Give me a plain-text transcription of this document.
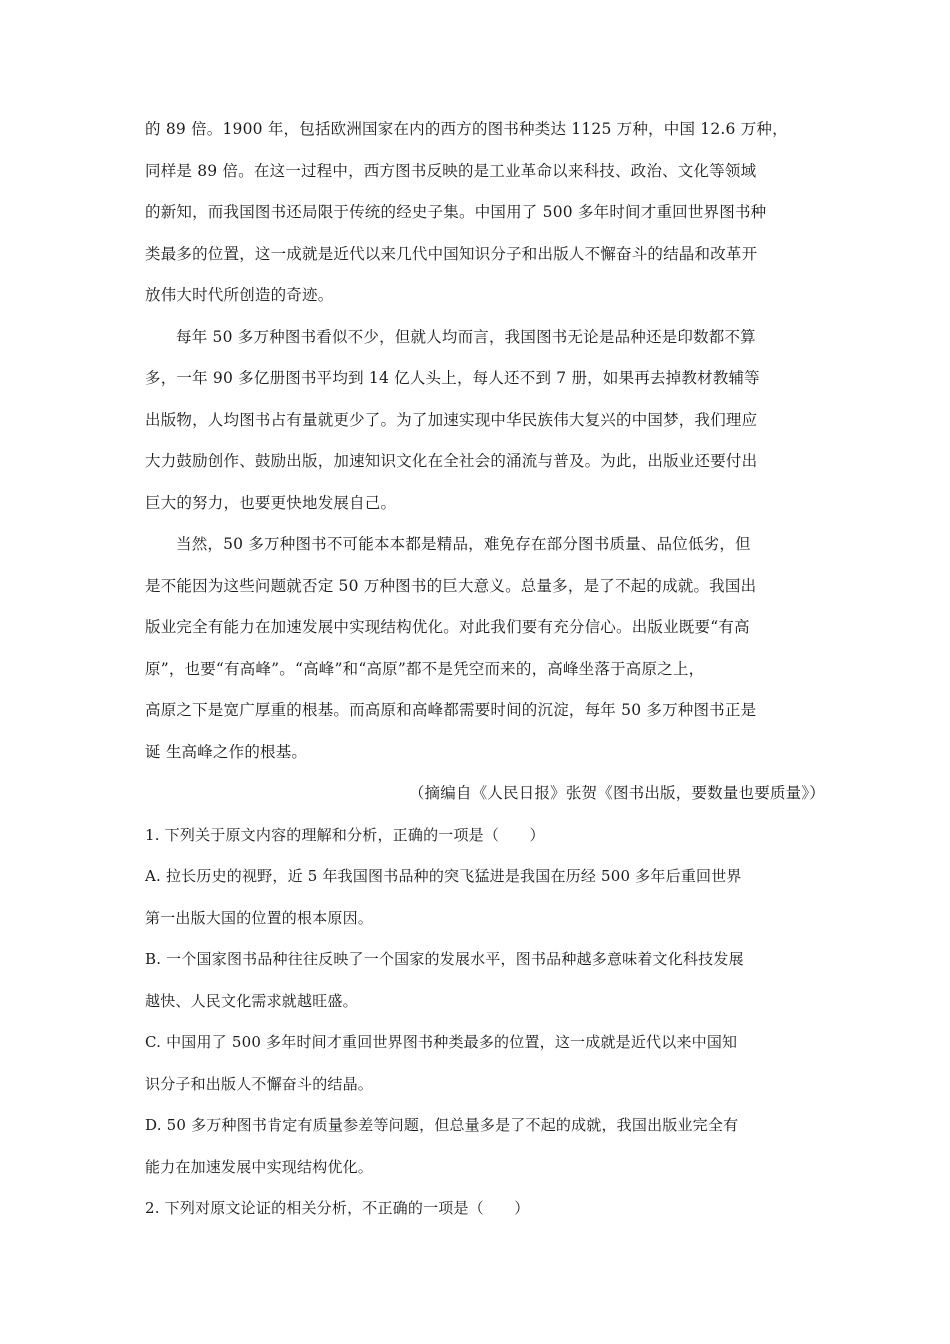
的 89 倍。1900 年，包括欧洲国家在内的西方的图书种类达 1125 万种，中国 12.6 万种，
同样是 89 倍。在这一过程中，西方图书反映的是工业革命以来科技、政治、文化等领域
的新知，而我国图书还局限于传统的经史子集。中国用了 500 多年时间才重回世界图书种
类最多的位置，这一成就是近代以来几代中国知识分子和出版人不懈奋斗的结晶和改革开
放伟大时代所创造的奇迹。
每年 50 多万种图书看似不少，但就人均而言，我国图书无论是品种还是印数都不算
多，一年 90 多亿册图书平均到 14 亿人头上，每人还不到 7 册，如果再去掉教材教辅等
出版物，人均图书占有量就更少了。为了加速实现中华民族伟大复兴的中国梦，我们理应
大力鼓励创作、鼓励出版，加速知识文化在全社会的涌流与普及。为此，出版业还要付出
巨大的努力，也要更快地发展自己。
当然，50 多万种图书不可能本本都是精品，难免存在部分图书质量、品位低劣，但
是不能因为这些问题就否定 50 万种图书的巨大意义。总量多，是了不起的成就。我国出
版业完全有能力在加速发展中实现结构优化。对此我们要有充分信心。出版业既要“有高
原”，也要“有高峰”。“高峰”和“高原”都不是凭空而来的，高峰坐落于高原之上，
高原之下是宽广厚重的根基。而高原和高峰都需要时间的沉淀，每年 50 多万种图书正是
诞 生高峰之作的根基。
（摘编自《人民日报》张贺《图书出版，要数量也要质量》）
1. 下列关于原文内容的理解和分析，正确的一项是（　　）
A. 拉长历史的视野，近 5 年我国图书品种的突飞猛进是我国在历经 500 多年后重回世界
第一出版大国的位置的根本原因。
B. 一个国家图书品种往往反映了一个国家的发展水平，图书品种越多意味着文化科技发展
越快、人民文化需求就越旺盛。
C. 中国用了 500 多年时间才重回世界图书种类最多的位置，这一成就是近代以来中国知
识分子和出版人不懈奋斗的结晶。
D. 50 多万种图书肯定有质量参差等问题，但总量多是了不起的成就，我国出版业完全有
能力在加速发展中实现结构优化。
2. 下列对原文论证的相关分析，不正确的一项是（　　）
